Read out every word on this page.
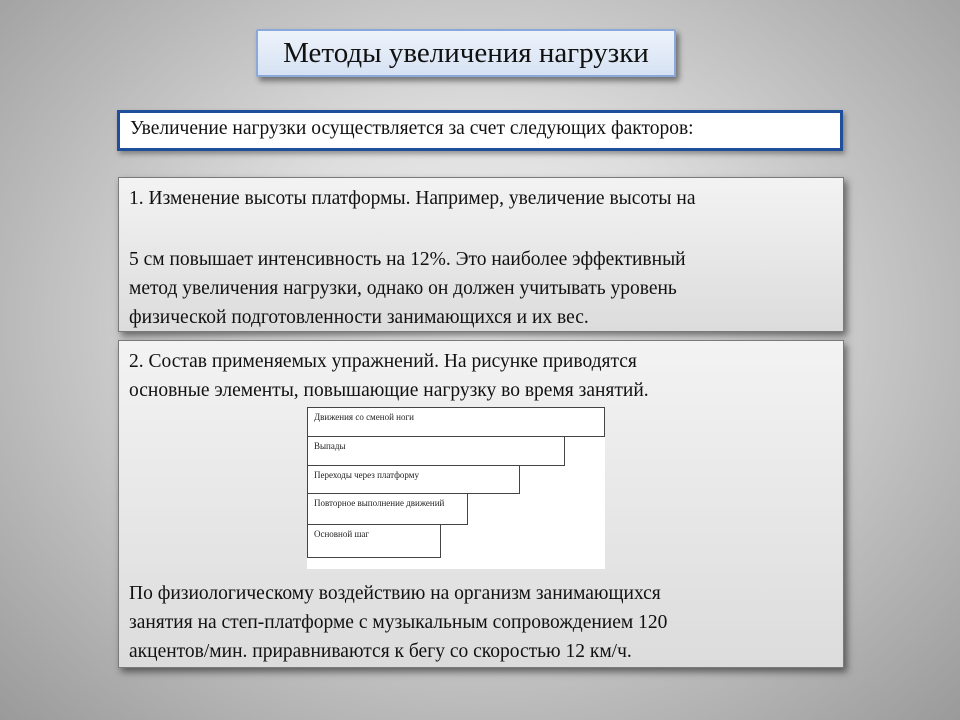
Методы увеличения нагрузки
Увеличение нагрузки осуществляется за счет следующих факторов:

1. Изменение высоты платформы. Например, увеличение высоты на

5 см повышает интенсивность на 12%. Это наиболее эффективный

метод увеличения нагрузки, однако он должен учитывать уровень

физической подготовленности занимающихся и их вес.

2. Состав применяемых упражнений. На рисунке приводятся

основные элементы, повышающие нагрузку во время занятий.

Движения со сменой ноги
Выпады
Переходы через платформу
Повторное выполнение движений
Основной шаг

По физиологическому воздействию на организм занимающихся

занятия на степ-платформе с музыкальным сопровождением 120

акцентов/мин. приравниваются к бегу со скоростью 12 км/ч.
